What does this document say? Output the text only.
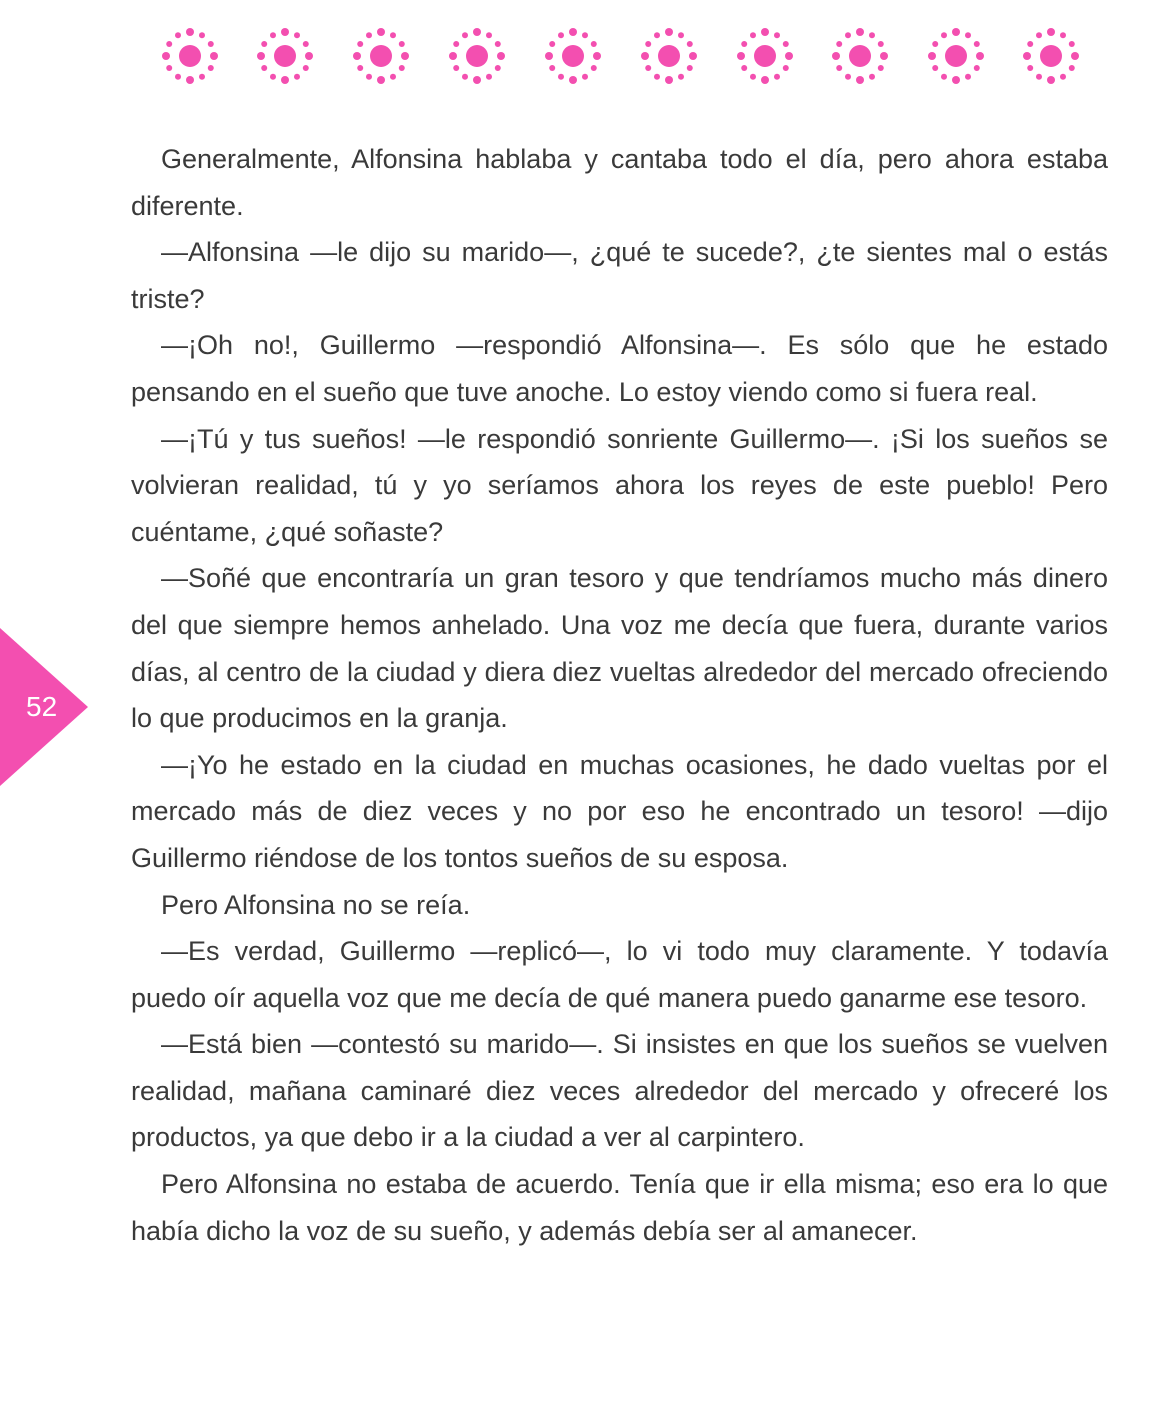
52

Generalmente, Alfonsina hablaba y cantaba todo el día, pero ahora estaba diferente.

—Alfonsina —le dijo su marido—, ¿qué te sucede?, ¿te sientes mal o estás triste?

—¡Oh no!, Guillermo —respondió Alfonsina—. Es sólo que he estado pensando en el sueño que tuve anoche. Lo estoy viendo como si fuera real.

—¡Tú y tus sueños! —le respondió sonriente Guillermo—. ¡Si los sueños se volvieran realidad, tú y yo seríamos ahora los reyes de este pueblo! Pero cuéntame, ¿qué soñaste?

—Soñé que encontraría un gran tesoro y que tendríamos mucho más dinero del que siempre hemos anhelado. Una voz me decía que fuera, durante varios días, al centro de la ciudad y diera diez vueltas alrededor del mercado ofreciendo lo que producimos en la granja.

—¡Yo he estado en la ciudad en muchas ocasiones, he dado vueltas por el mercado más de diez veces y no por eso he encontrado un tesoro! —dijo Guillermo riéndose de los tontos sueños de su esposa.

Pero Alfonsina no se reía.

—Es verdad, Guillermo —replicó—, lo vi todo muy claramente. Y todavía puedo oír aquella voz que me decía de qué manera puedo ganarme ese tesoro.

—Está bien —contestó su marido—. Si insistes en que los sueños se vuelven realidad, mañana caminaré diez veces alrededor del mercado y ofreceré los productos, ya que debo ir a la ciudad a ver al carpintero.

Pero Alfonsina no estaba de acuerdo. Tenía que ir ella misma; eso era lo que había dicho la voz de su sueño, y además debía ser al amanecer.
